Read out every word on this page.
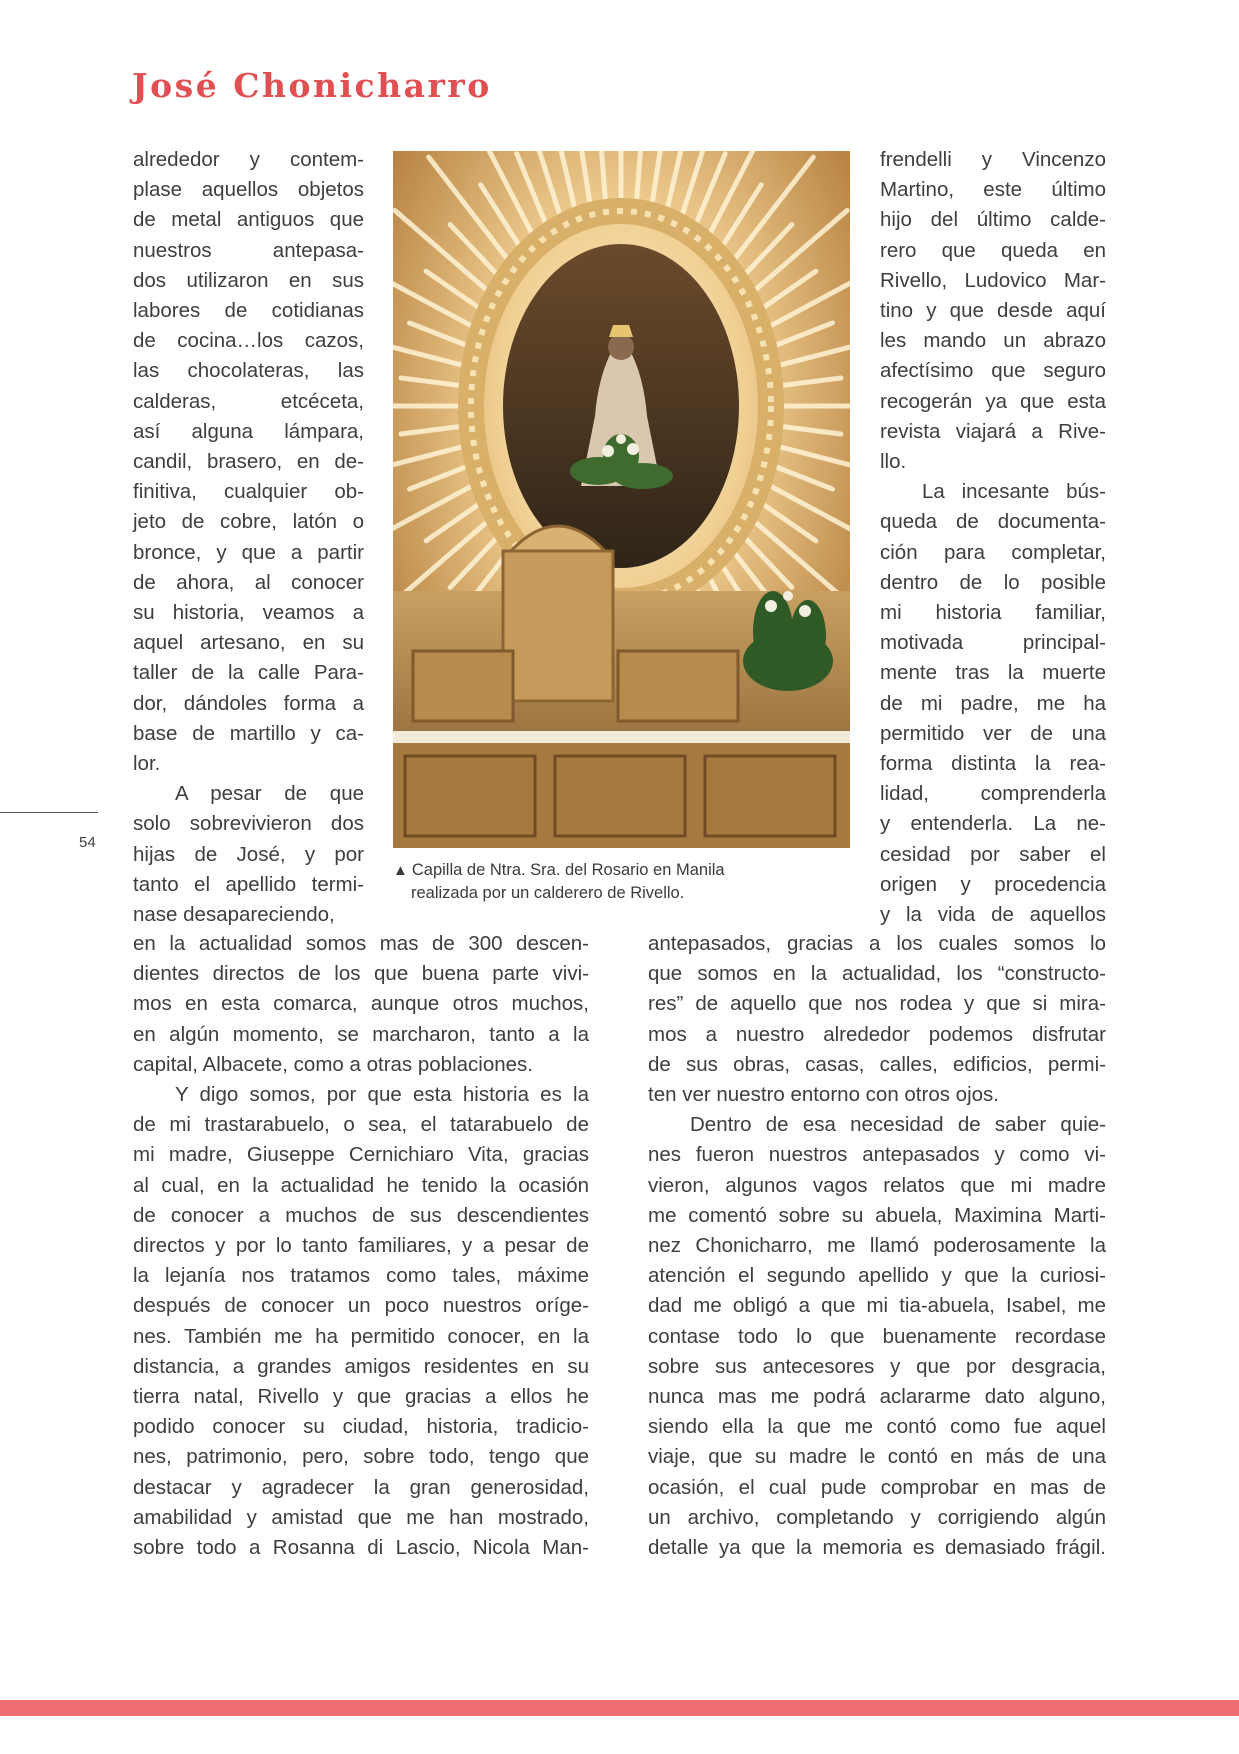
José Chonicharro
54
alrededor y contem-
plase aquellos objetos
de metal antiguos que
nuestros antepasa-
dos utilizaron en sus
labores de cotidianas
de cocina…los cazos,
las chocolateras, las
calderas, etcéceta,
así alguna lámpara,
candil, brasero, en de-
finitiva, cualquier ob-
jeto de cobre, latón o
bronce, y que a partir
de ahora, al conocer
su historia, veamos a
aquel artesano, en su
taller de la calle Para-
dor, dándoles forma a
base de martillo y ca-
lor.
A pesar de que
solo sobrevivieron dos
hijas de José, y por
tanto el apellido termi-
nase desapareciendo,
▲ Capilla de Ntra. Sra. del Rosario en Manila
realizada por un calderero de Rivello.
frendelli y Vincenzo
Martino, este último
hijo del último calde-
rero que queda en
Rivello, Ludovico Mar-
tino y que desde aquí
les mando un abrazo
afectísimo que seguro
recogerán ya que esta
revista viajará a Rive-
llo.
La incesante bús-
queda de documenta-
ción para completar,
dentro de lo posible
mi historia familiar,
motivada principal-
mente tras la muerte
de mi padre, me ha
permitido ver de una
forma distinta la rea-
lidad, comprenderla
y entenderla. La ne-
cesidad por saber el
origen y procedencia
y la vida de aquellos
en la actualidad somos mas de 300 descen-
dientes directos de los que buena parte vivi-
mos en esta comarca, aunque otros muchos,
en algún momento, se marcharon, tanto a la
capital, Albacete, como a otras poblaciones.
Y digo somos, por que esta historia es la
de mi trastarabuelo, o sea, el tatarabuelo de
mi madre, Giuseppe Cernichiaro Vita, gracias
al cual, en la actualidad he tenido la ocasión
de conocer a muchos de sus descendientes
directos y por lo tanto familiares, y a pesar de
la lejanía nos tratamos como tales, máxime
después de conocer un poco nuestros oríge-
nes. También me ha permitido conocer, en la
distancia, a grandes amigos residentes en su
tierra natal, Rivello y que gracias a ellos he
podido conocer su ciudad, historia, tradicio-
nes, patrimonio, pero, sobre todo, tengo que
destacar y agradecer la gran generosidad,
amabilidad y amistad que me han mostrado,
sobre todo a Rosanna di Lascio, Nicola Man-
antepasados, gracias a los cuales somos lo
que somos en la actualidad, los “constructo-
res” de aquello que nos rodea y que si mira-
mos a nuestro alrededor podemos disfrutar
de sus obras, casas, calles, edificios, permi-
ten ver nuestro entorno con otros ojos.
Dentro de esa necesidad de saber quie-
nes fueron nuestros antepasados y como vi-
vieron, algunos vagos relatos que mi madre
me comentó sobre su abuela, Maximina Marti-
nez Chonicharro, me llamó poderosamente la
atención el segundo apellido y que la curiosi-
dad me obligó a que mi tia-abuela, Isabel, me
contase todo lo que buenamente recordase
sobre sus antecesores y que por desgracia,
nunca mas me podrá aclararme dato alguno,
siendo ella la que me contó como fue aquel
viaje, que su madre le contó en más de una
ocasión, el cual pude comprobar en mas de
un archivo, completando y corrigiendo algún
detalle ya que la memoria es demasiado frágil.
